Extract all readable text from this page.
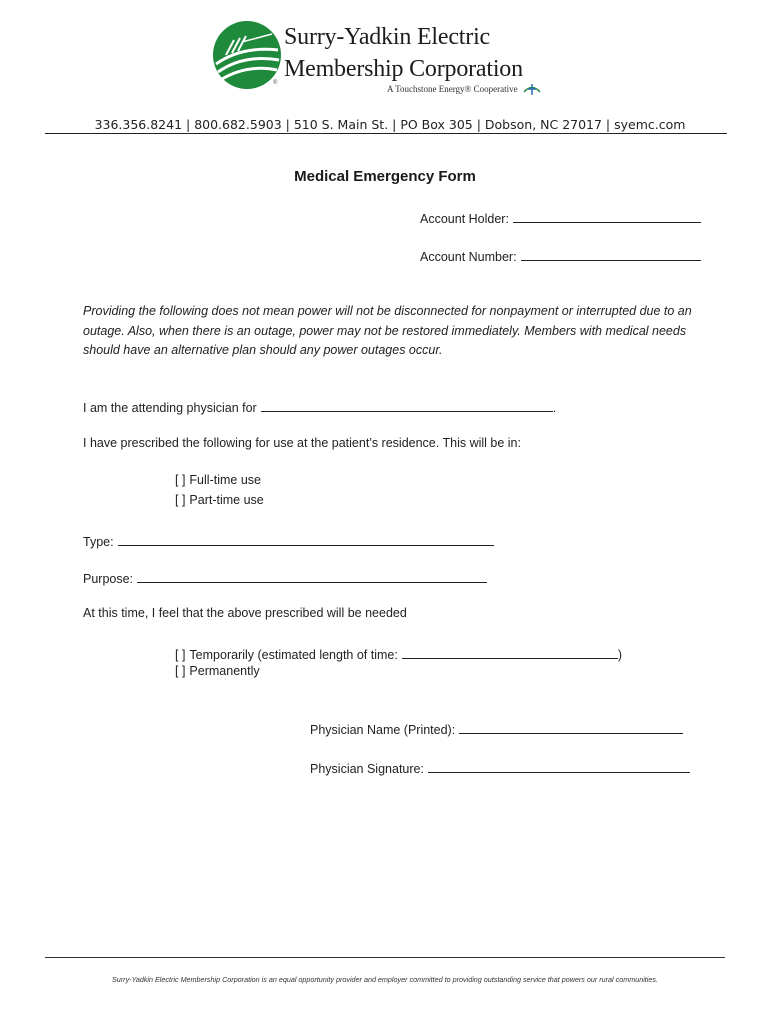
®
Surry-Yadkin Electric
Membership Corporation
A Touchstone Energy® Cooperative
336.356.8241 | 800.682.5903 | 510 S. Main St. | PO Box 305 | Dobson, NC 27017 | syemc.com
Medical Emergency Form
Account Holder:
Account Number:
Providing the following does not mean power will not be disconnected for nonpayment or interrupted due to an outage. Also, when there is an outage, power may not be restored immediately. Members with medical needs should have an alternative plan should any power outages occur.
I am the attending physician for	.
I have prescribed the following for use at the patient’s residence. This will be in:
[ ] Full-time use
[ ] Part-time use
Type:
Purpose:
At this time, I feel that the above prescribed will be needed
[ ] Temporarily (estimated length of time:	)
[ ] Permanently
Physician Name (Printed):
Physician Signature:
Surry-Yadkin Electric Membership Corporation is an equal opportunity provider and employer committed to providing outstanding service that powers our rural communities.
